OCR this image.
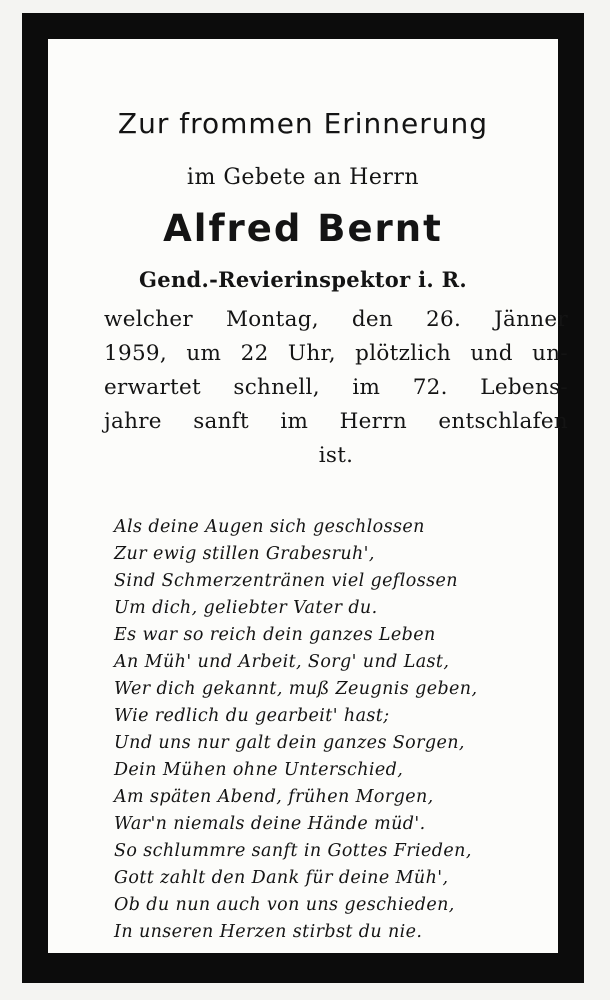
Zur frommen Erinnerung
im Gebete an Herrn
Alfred Bernt
Gend.-Revierinspektor i. R.
welcher Montag, den 26. Jänner
1959, um 22 Uhr, plötzlich und un-
erwartet schnell, im 72. Lebens-
jahre sanft im Herrn entschlafen
ist.
Als deine Augen sich geschlossen
Zur ewig stillen Grabesruh',
Sind Schmerzentränen viel geflossen
Um dich, geliebter Vater du.
Es war so reich dein ganzes Leben
An Müh' und Arbeit, Sorg' und Last,
Wer dich gekannt, muß Zeugnis geben,
Wie redlich du gearbeit' hast;
Und uns nur galt dein ganzes Sorgen,
Dein Mühen ohne Unterschied,
Am späten Abend, frühen Morgen,
War'n niemals deine Hände müd'.
So schlummre sanft in Gottes Frieden,
Gott zahlt den Dank für deine Müh',
Ob du nun auch von uns geschieden,
In unseren Herzen stirbst du nie.
